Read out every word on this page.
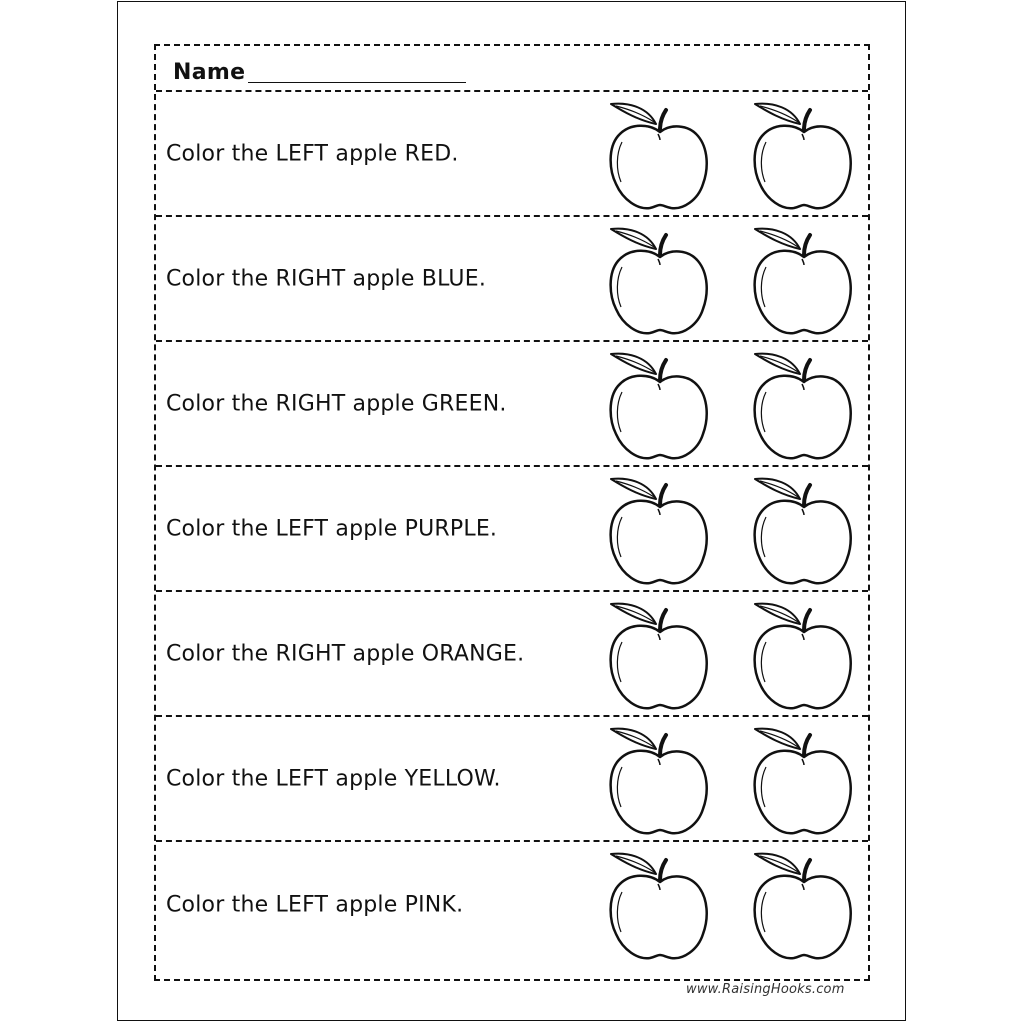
Name
Color the LEFT apple RED.
Color the RIGHT apple BLUE.
Color the RIGHT apple GREEN.
Color the LEFT apple PURPLE.
Color the RIGHT apple ORANGE.
Color the LEFT apple YELLOW.
Color the LEFT apple PINK.
www.RaisingHooks.com
